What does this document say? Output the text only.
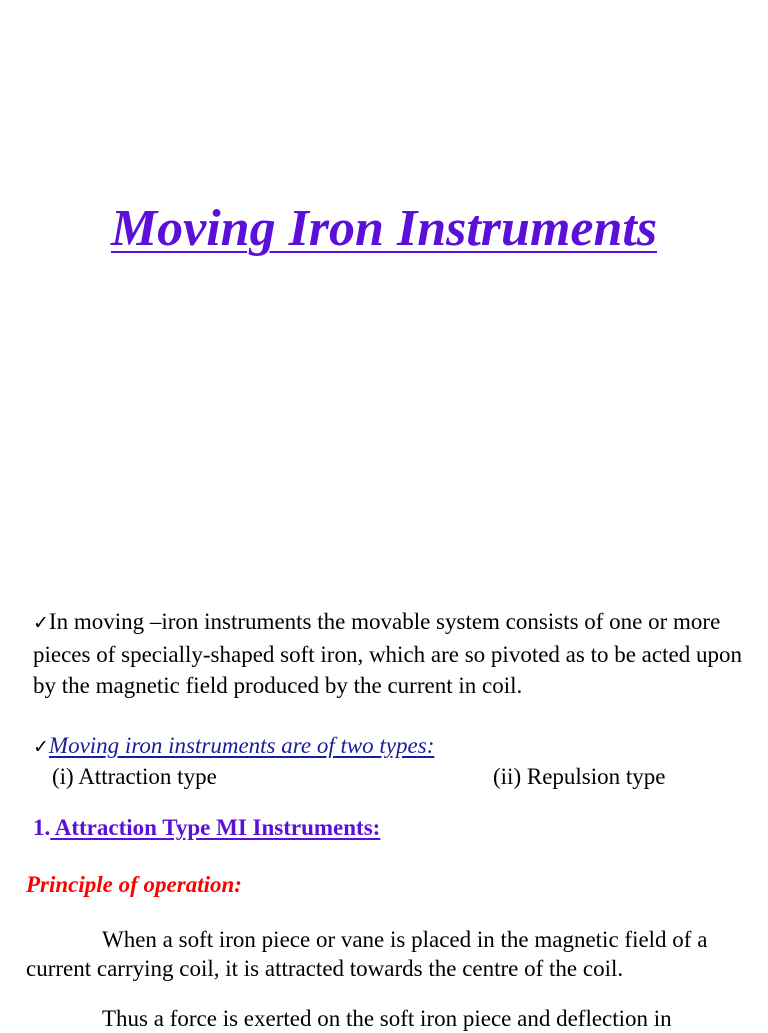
Moving Iron Instruments

✓In moving –iron instruments the movable system consists of one or more pieces of specially-shaped soft iron, which are so pivoted as to be acted upon by the magnetic field produced by the current in coil.

✓Moving iron instruments are of two types:

(i) Attraction type	(ii) Repulsion type

1. Attraction Type MI Instruments:

Principle of operation:

When a soft iron piece or vane is placed in the magnetic field of a current carrying coil, it is attracted towards the centre of the coil.

Thus a force is exerted on the soft iron piece and deflection in
